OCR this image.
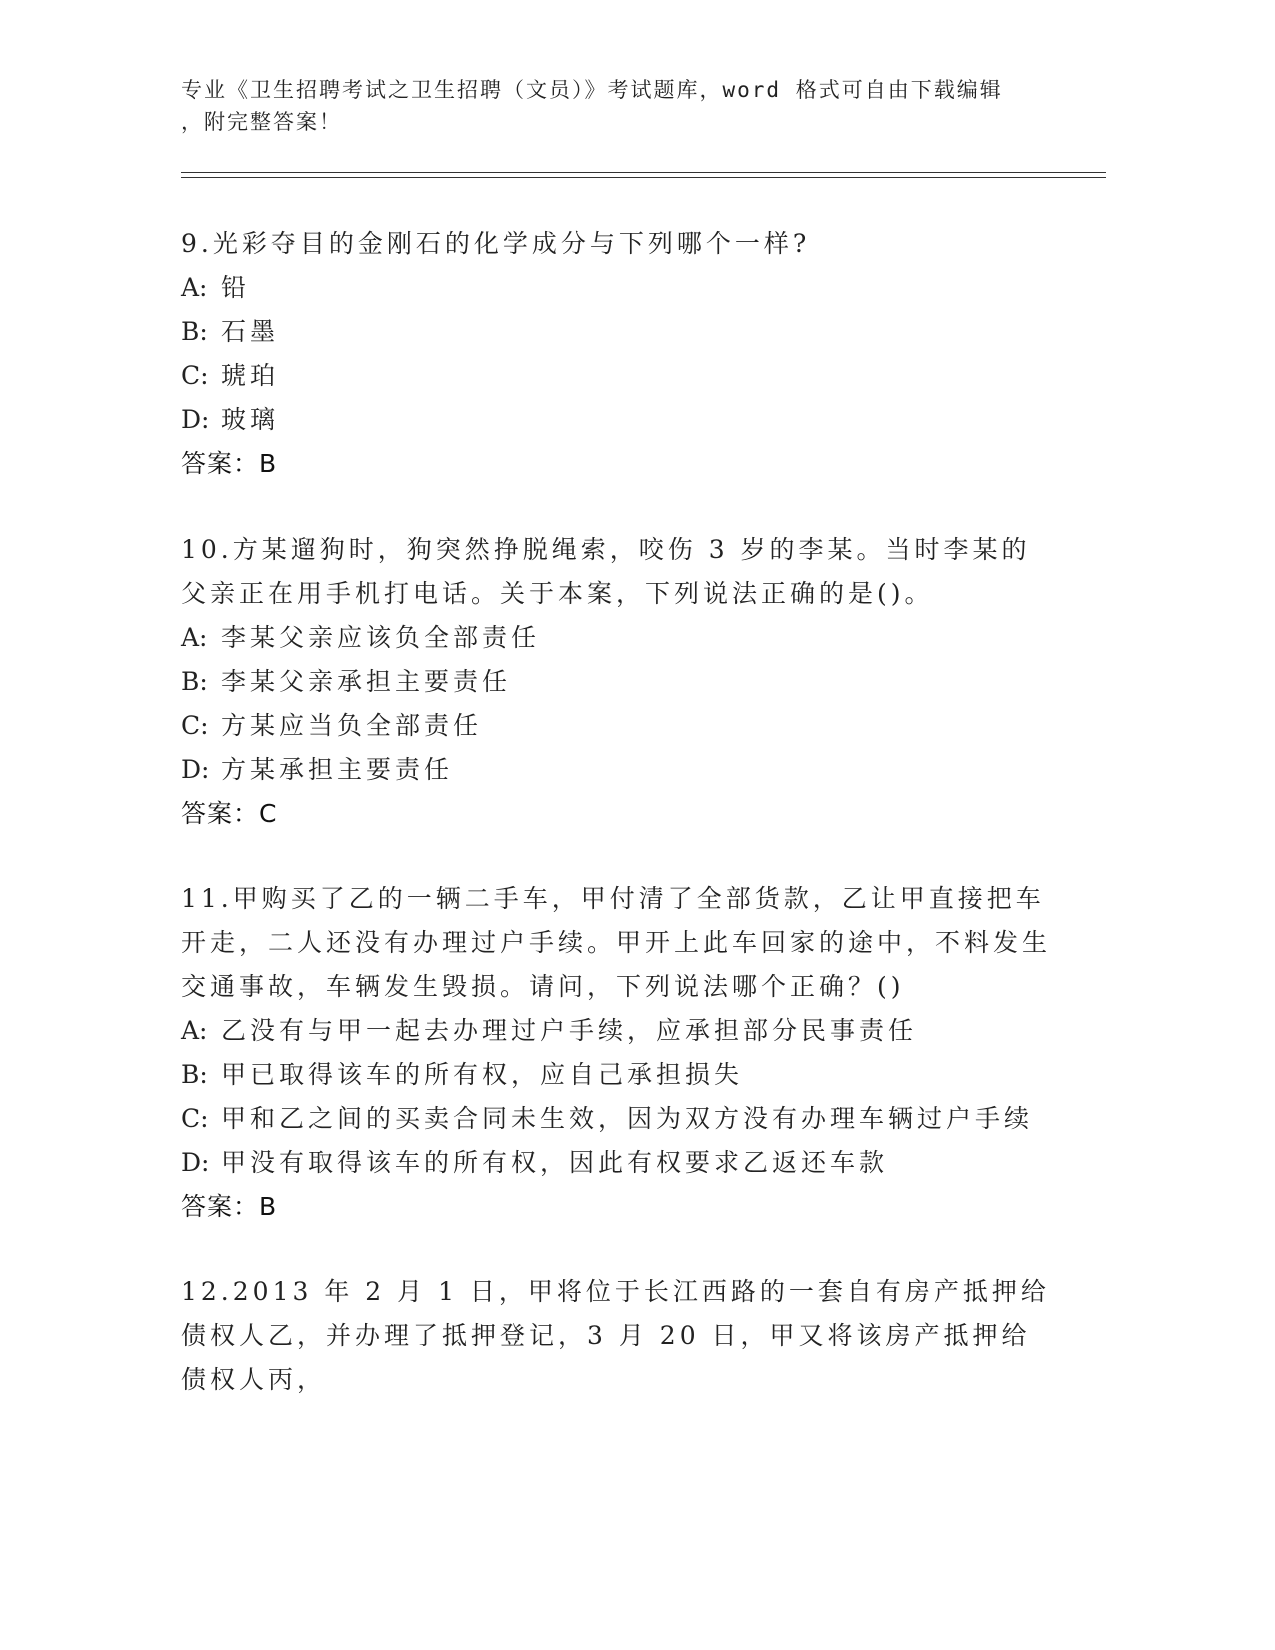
专业《卫生招聘考试之卫生招聘（文员）》考试题库，word 格式可自由下载编辑
，附完整答案！

9.光彩夺目的金刚石的化学成分与下列哪个一样?

A: 铅

B: 石墨

C: 琥珀

D: 玻璃

答案：B

10.方某遛狗时，狗突然挣脱绳索，咬伤 3 岁的李某。当时李某的父亲正在用手机打电话。关于本案，下列说法正确的是()。

A: 李某父亲应该负全部责任

B: 李某父亲承担主要责任

C: 方某应当负全部责任

D: 方某承担主要责任

答案：C

11.甲购买了乙的一辆二手车，甲付清了全部货款，乙让甲直接把车开走，二人还没有办理过户手续。甲开上此车回家的途中，不料发生交通事故，车辆发生毁损。请问，下列说法哪个正确？()

A: 乙没有与甲一起去办理过户手续，应承担部分民事责任

B: 甲已取得该车的所有权，应自己承担损失

C: 甲和乙之间的买卖合同未生效，因为双方没有办理车辆过户手续

D: 甲没有取得该车的所有权，因此有权要求乙返还车款

答案：B

12.2013 年 2 月 1 日，甲将位于长江西路的一套自有房产抵押给债权人乙，并办理了抵押登记，3 月 20 日，甲又将该房产抵押给债权人丙，
